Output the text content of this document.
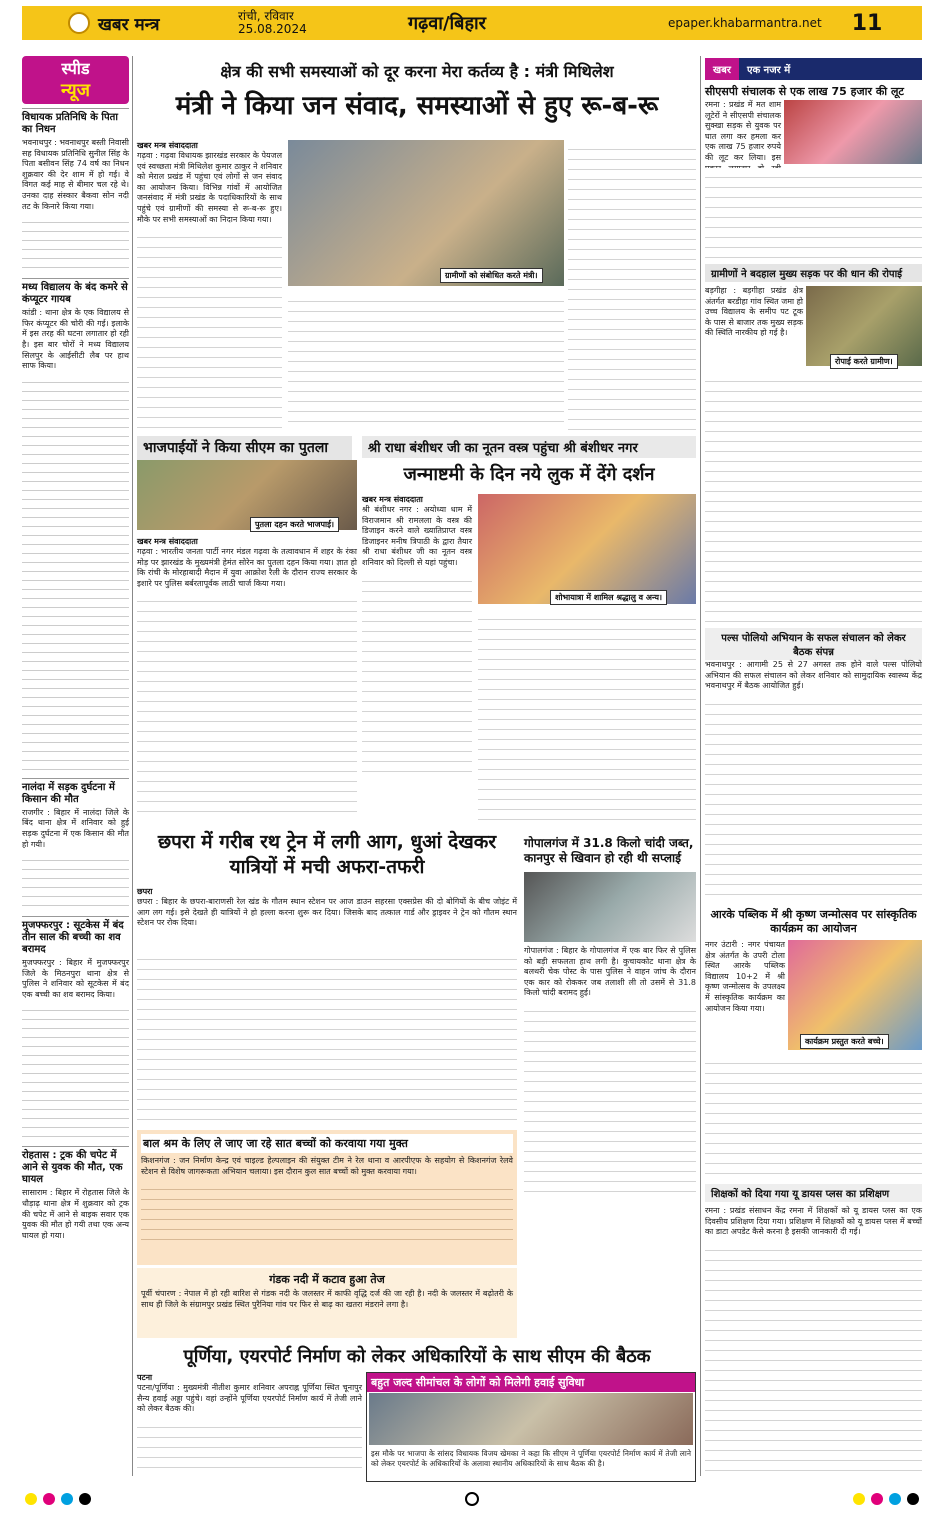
खबर मन्त्र	रांची, रविवार
25.08.2024	गढ़वा/बिहार	epaper.khabarmantra.net 11
स्पीड
न्यूज
विधायक प्रतिनिधि के पिता का निधन
भवनाथपुर : भवनाथपुर बस्ती निवासी सह विधायक प्रतिनिधि सुनील सिंह के पिता बसीवन सिंह 74 वर्ष का निधन शुक्रवार की देर शाम में हो गई। वे विगत कई माह से बीमार चल रहे थे। उनका दाह संस्कार बैकवा सोन नदी तट के किनारे किया गया।
मध्य विद्यालय के बंद कमरे से कंप्यूटर गायब
कांडी : थाना क्षेत्र के एक विद्यालय से फिर कंप्यूटर की चोरी की गई। इलाके में इस तरह की घटना लगातार हो रही है। इस बार चोरों ने मध्य विद्यालय सिलपुर के आईसीटी लैब पर हाथ साफ किया।
नालंदा में सड़क दुर्घटना में किसान की मौत
राजगीर : बिहार में नालंदा जिले के बिंद थाना क्षेत्र में शनिवार को हुई सड़क दुर्घटना में एक किसान की मौत हो गयी।
मुजफ्फरपुर : सूटकेस में बंद तीन साल की बच्ची का शव बरामद
मुजफ्फरपुर : बिहार में मुजफ्फरपुर जिले के मिठनपुरा थाना क्षेत्र से पुलिस ने शनिवार को सूटकेस में बंद एक बच्ची का शव बरामद किया।
रोहतास : ट्रक की चपेट में आने से युवक की मौत, एक घायल
सासाराम : बिहार में रोहतास जिले के धौड़ाढ़ थाना क्षेत्र में शुक्रवार को ट्रक की चपेट में आने से बाइक सवार एक युवक की मौत हो गयी तथा एक अन्य घायल हो गया।
क्षेत्र की सभी समस्याओं को दूर करना मेरा कर्तव्य है : मंत्री मिथिलेश
मंत्री ने किया जन संवाद, समस्याओं से हुए रू-ब-रू
खबर मन्त्र संवाददाता
गढ़वा : गढ़वा विधायक झारखंड सरकार के पेयजल एवं स्वच्छता मंत्री मिथिलेश कुमार ठाकुर ने शनिवार को मेराल प्रखंड में पहुंचा एवं लोगों से जन संवाद का आयोजन किया। विभिन्न गांवों में आयोजित जनसंवाद में मंत्री प्रखंड के पदाधिकारियों के साथ पहुंचे एवं ग्रामीणों की समस्या से रू-ब-रू हुए। मौके पर सभी समस्याओं का निदान किया गया।
ग्रामीणों को संबोधित करते मंत्री।
भाजपाईयों ने किया सीएम का पुतला
पुतला दहन करते भाजपाई।
खबर मन्त्र संवाददाता
गढ़वा : भारतीय जनता पार्टी नगर मंडल गढ़वा के तत्वावधान में शहर के रंका मोड़ पर झारखंड के मुख्यमंत्री हेमंत सोरेन का पुतला दहन किया गया। ज्ञात हो कि रांची के मोरहाबादी मैदान में युवा आक्रोश रैली के दौरान राज्य सरकार के इशारे पर पुलिस बर्बरतापूर्वक लाठी चार्ज किया गया।
श्री राधा बंशीधर जी का नूतन वस्त्र पहुंचा श्री बंशीधर नगर
जन्माष्टमी के दिन नये लुक में देंगे दर्शन
खबर मन्त्र संवाददाता
श्री बंशीधर नगर : अयोध्या धाम में विराजमान श्री रामलला के वस्त्र की डिजाइन करने वाले ख्यातिप्राप्त वस्त्र डिजाइनर मनीष त्रिपाठी के द्वारा तैयार श्री राधा बंशीधर जी का नूतन वस्त्र शनिवार को दिल्ली से यहां पहुंचा।
शोभायात्रा में शामिल श्रद्धालु व अन्य।
छपरा में गरीब रथ ट्रेन में लगी आग, धुआं देखकर यात्रियों में मची अफरा-तफरी
छपरा
छपरा : बिहार के छपरा-बाराणसी रेल खंड के गौतम स्थान स्टेशन पर आज डाउन सहरसा एक्सप्रेस की दो बोगियों के बीच जोइंट में आग लग गई। इसे देखते ही यात्रियों ने हो हल्ला करना शुरू कर दिया। जिसके बाद तत्काल गार्ड और ड्राइवर ने ट्रेन को गौतम स्थान स्टेशन पर रोक दिया।
गोपालगंज में 31.8 किलो चांदी जब्त, कानपुर से खिवान हो रही थी सप्लाई
गोपालगंज : बिहार के गोपालगंज में एक बार फिर से पुलिस को बड़ी सफलता हाथ लगी है। कुचायकोट थाना क्षेत्र के बलथरी चेक पोस्ट के पास पुलिस ने वाहन जांच के दौरान एक कार को रोककर जब तलाशी ली तो उसमें से 31.8 किलो चांदी बरामद हुई।
बाल श्रम के लिए ले जाए जा रहे सात बच्चों को करवाया गया मुक्त
किशनगंज : जन निर्माण केन्द्र एवं चाइल्ड हेल्पलाइन की संयुक्त टीम ने रेल थाना व आरपीएफ के सहयोग से किशनगंज रेलवे स्टेशन से विशेष जागरूकता अभियान चलाया। इस दौरान कुल सात बच्चों को मुक्त करवाया गया।
गंडक नदी में कटाव हुआ तेज
पूर्वी चंपारण : नेपाल में हो रही बारिश से गंडक नदी के जलस्तर में काफी वृद्धि दर्ज की जा रही है। नदी के जलस्तर में बढ़ोतरी के साथ ही जिले के संग्रामपुर प्रखंड स्थित पुरैनिया गांव पर फिर से बाढ़ का खतरा मंडराने लगा है।
पूर्णिया, एयरपोर्ट निर्माण को लेकर अधिकारियों के साथ सीएम की बैठक
पटना
पटना/पूर्णिया : मुख्यमंत्री नीतीश कुमार शनिवार अपराह्न पूर्णिया स्थित चूनापुर सैन्य हवाई अड्डा पहुंचे। वहां उन्होंने पूर्णिया एयरपोर्ट निर्माण कार्य में तेजी लाने को लेकर बैठक की।
बहुत जल्द सीमांचल के लोगों को मिलेगी हवाई सुविधा
इस मौके पर भाजपा के सांसद विधायक विजय खेमका ने कहा कि सीएम ने पूर्णिया एयरपोर्ट निर्माण कार्य में तेजी लाने को लेकर एयरपोर्ट के अधिकारियों के अलावा स्थानीय अधिकारियों के साथ बैठक की है।
खबर	एक नजर में
सीएसपी संचालक से एक लाख 75 हजार की लूट
रमना : प्रखंड में मत शाम लूटेरों ने सीएसपी संचालक सुक्खा सड़क से युवक पर घात लगा कर हमला कर एक लाख 75 हजार रुपये की लूट कर लिया। इस
ग्रामीणों ने बदहाल मुख्य सड़क पर की धान की रोपाई
रोपाई करते ग्रामीण।
बड़गीहा : बड़गीहा प्रखंड क्षेत्र अंतर्गत बरडीहा गांव स्थित जमा हो उच्च विद्यालय के समीप पट टूक के पास से बाजार तक मुख्य सड़क की स्थिति नारकीय हो गई है।
पल्स पोलियो अभियान के सफल संचालन को लेकर बैठक संपन्न
भवनाथपुर : आगामी 25 से 27 अगस्त तक होने वाले पल्स पोलियो अभियान की सफल संचालन को लेकर शनिवार को सामुदायिक स्वास्थ्य केंद्र भवनाथपुर में बैठक आयोजित हुई।
आरके पब्लिक में श्री कृष्ण जन्मोत्सव पर सांस्कृतिक कार्यक्रम का आयोजन
नगर उंटारी : नगर पंचायत क्षेत्र अंतर्गत के उपरी टोला स्थित आरके पब्लिक विद्यालय 10+2 में श्री कृष्ण जन्मोत्सव के उपलक्ष्य में सांस्कृतिक कार्यक्रम का आयोजन किया गया।
कार्यक्रम प्रस्तुत करते बच्चे।
शिक्षकों को दिया गया यू डायस प्लस का प्रशिक्षण
रमना : प्रखंड संसाधन केंद्र रमना में शिक्षकों को यू डायस प्लस का एक दिवसीय प्रशिक्षण दिया गया। प्रशिक्षण में शिक्षकों को यू डायस प्लस में बच्चों का डाटा अपडेट कैसे करना है इसकी जानकारी दी गई।
